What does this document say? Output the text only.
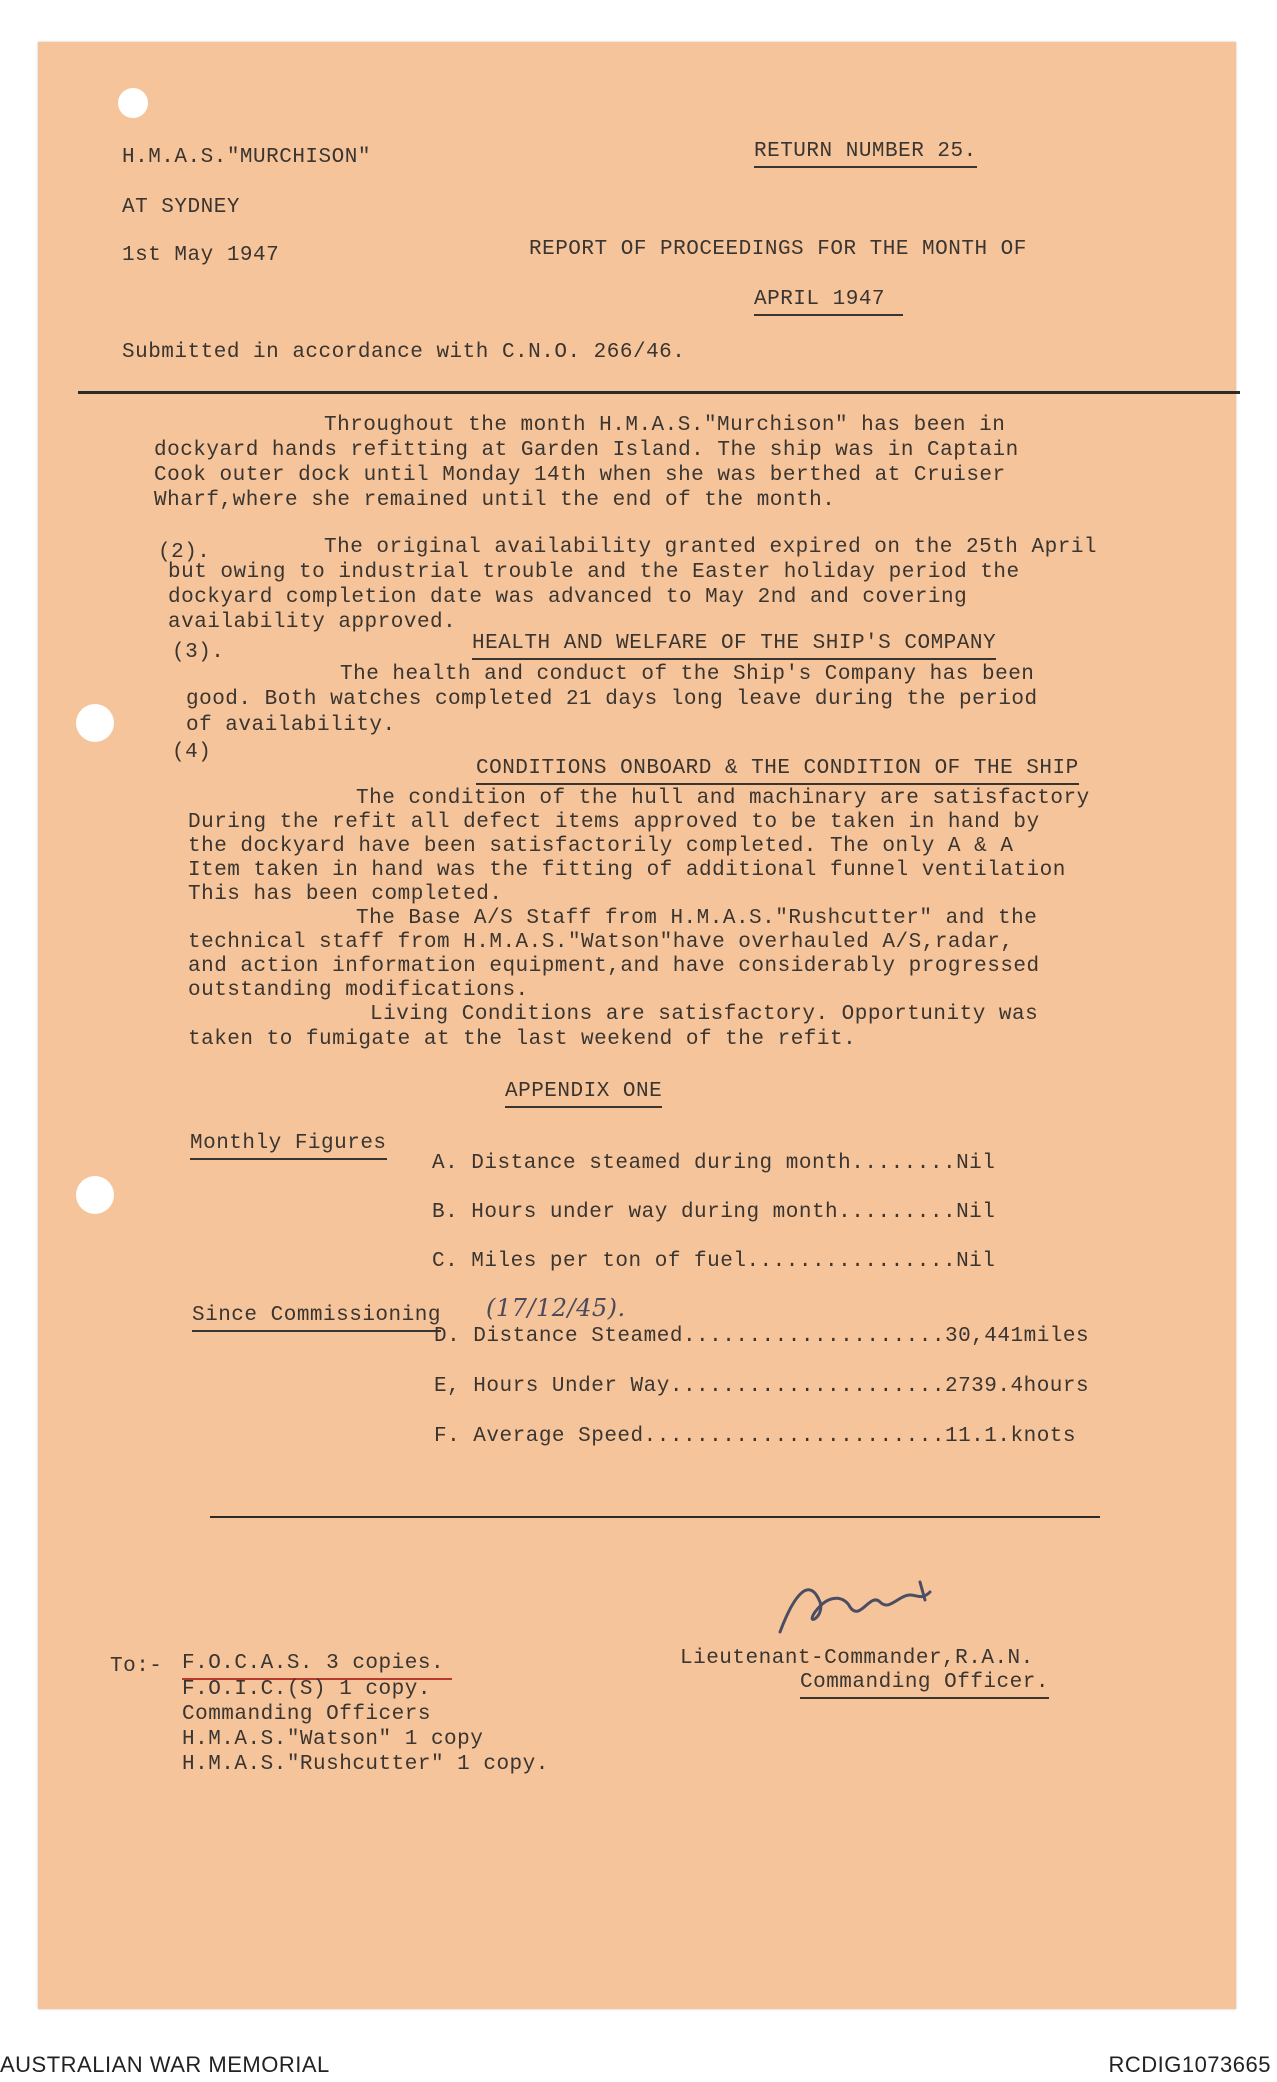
H.M.A.S."MURCHISON"
AT SYDNEY
1st May 1947
RETURN NUMBER 25.
REPORT OF PROCEEDINGS FOR THE MONTH OF
APRIL 1947
Submitted in accordance with C.N.O. 266/46.
Throughout the month H.M.A.S."Murchison" has been in
dockyard hands refitting at Garden Island. The ship was in Captain
Cook outer dock until Monday 14th when she was berthed at Cruiser
Wharf,where she remained until the end of the month.
(2).	The original availability granted expired on the 25th April
but owing to industrial trouble and the Easter holiday period the
dockyard completion date was advanced to May 2nd and covering
availability approved.
(3).	HEALTH AND WELFARE OF THE SHIP'S COMPANY
The health and conduct of the Ship's Company has been
good. Both watches completed 21 days long leave during the period
of availability.
(4)
CONDITIONS ONBOARD & THE CONDITION OF THE SHIP
The condition of the hull and machinary are satisfactory
During the refit all defect items approved to be taken in hand by
the dockyard have been satisfactorily completed. The only A & A
Item taken in hand was the fitting of additional funnel ventilation
This has been completed.
The Base A/S Staff from H.M.A.S."Rushcutter" and the
technical staff from H.M.A.S."Watson"have overhauled A/S,radar,
and action information equipment,and have considerably progressed
outstanding modifications.
Living Conditions are satisfactory. Opportunity was
taken to fumigate at the last weekend of the refit.
APPENDIX ONE
Monthly Figures
A. Distance steamed during month........Nil
B. Hours under way during month.........Nil
C. Miles per ton of fuel................Nil
Since Commissioning (17/12/45).
D. Distance Steamed....................30,441miles
E, Hours Under Way.....................2739.4hours
F. Average Speed.......................11.1.knots
Lieutenant-Commander,R.A.N.
Commanding Officer.
To:- F.O.C.A.S. 3 copies.
F.O.I.C.(S) 1 copy.
Commanding Officers
H.M.A.S."Watson" 1 copy
H.M.A.S."Rushcutter" 1 copy.
AUSTRALIAN WAR MEMORIAL	RCDIG1073665
